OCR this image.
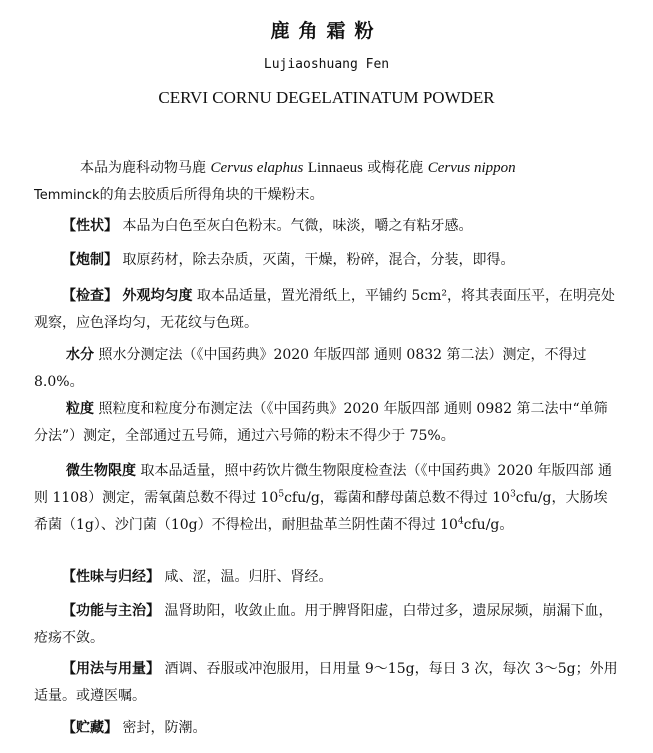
鹿角霜粉
Lujiaoshuang Fen
CERVI CORNU DEGELATINATUM POWDER
本品为鹿科动物马鹿 Cervus elaphus Linnaeus 或梅花鹿 Cervus nippon
Temminck的角去胶质后所得角块的干燥粉末。
【性状】 本品为白色至灰白色粉末。气微，味淡，嚼之有粘牙感。
【炮制】 取原药材，除去杂质，灭菌，干燥，粉碎，混合，分装，即得。
【检查】 外观均匀度 取本品适量，置光滑纸上，平铺约 5cm²，将其表面压平，在明亮处观察，应色泽均匀，无花纹与色斑。
水分 照水分测定法（《中国药典》2020 年版四部 通则 0832 第二法）测定，不得过 8.0%。
粒度 照粒度和粒度分布测定法（《中国药典》2020 年版四部 通则 0982 第二法中“单筛分法”）测定，全部通过五号筛，通过六号筛的粉末不得少于 75%。
微生物限度 取本品适量，照中药饮片微生物限度检查法（《中国药典》2020 年版四部 通则 1108）测定，需氧菌总数不得过 $10^5cfu/g$，霉菌和酵母菌总数不得过 $10^3cfu/g$，大肠埃希菌（1g）、沙门菌（10g）不得检出，耐胆盐革兰阴性菌不得过 $10^4cfu/g$。
【性味与归经】 咸、涩，温。归肝、肾经。
【功能与主治】 温肾助阳，收敛止血。用于脾肾阳虚，白带过多，遗尿尿频，崩漏下血，疮疡不敛。
【用法与用量】 酒调、吞服或冲泡服用，日用量 9～15g，每日 3 次，每次 3～5g；外用适量。或遵医嘱。
【贮藏】 密封，防潮。
